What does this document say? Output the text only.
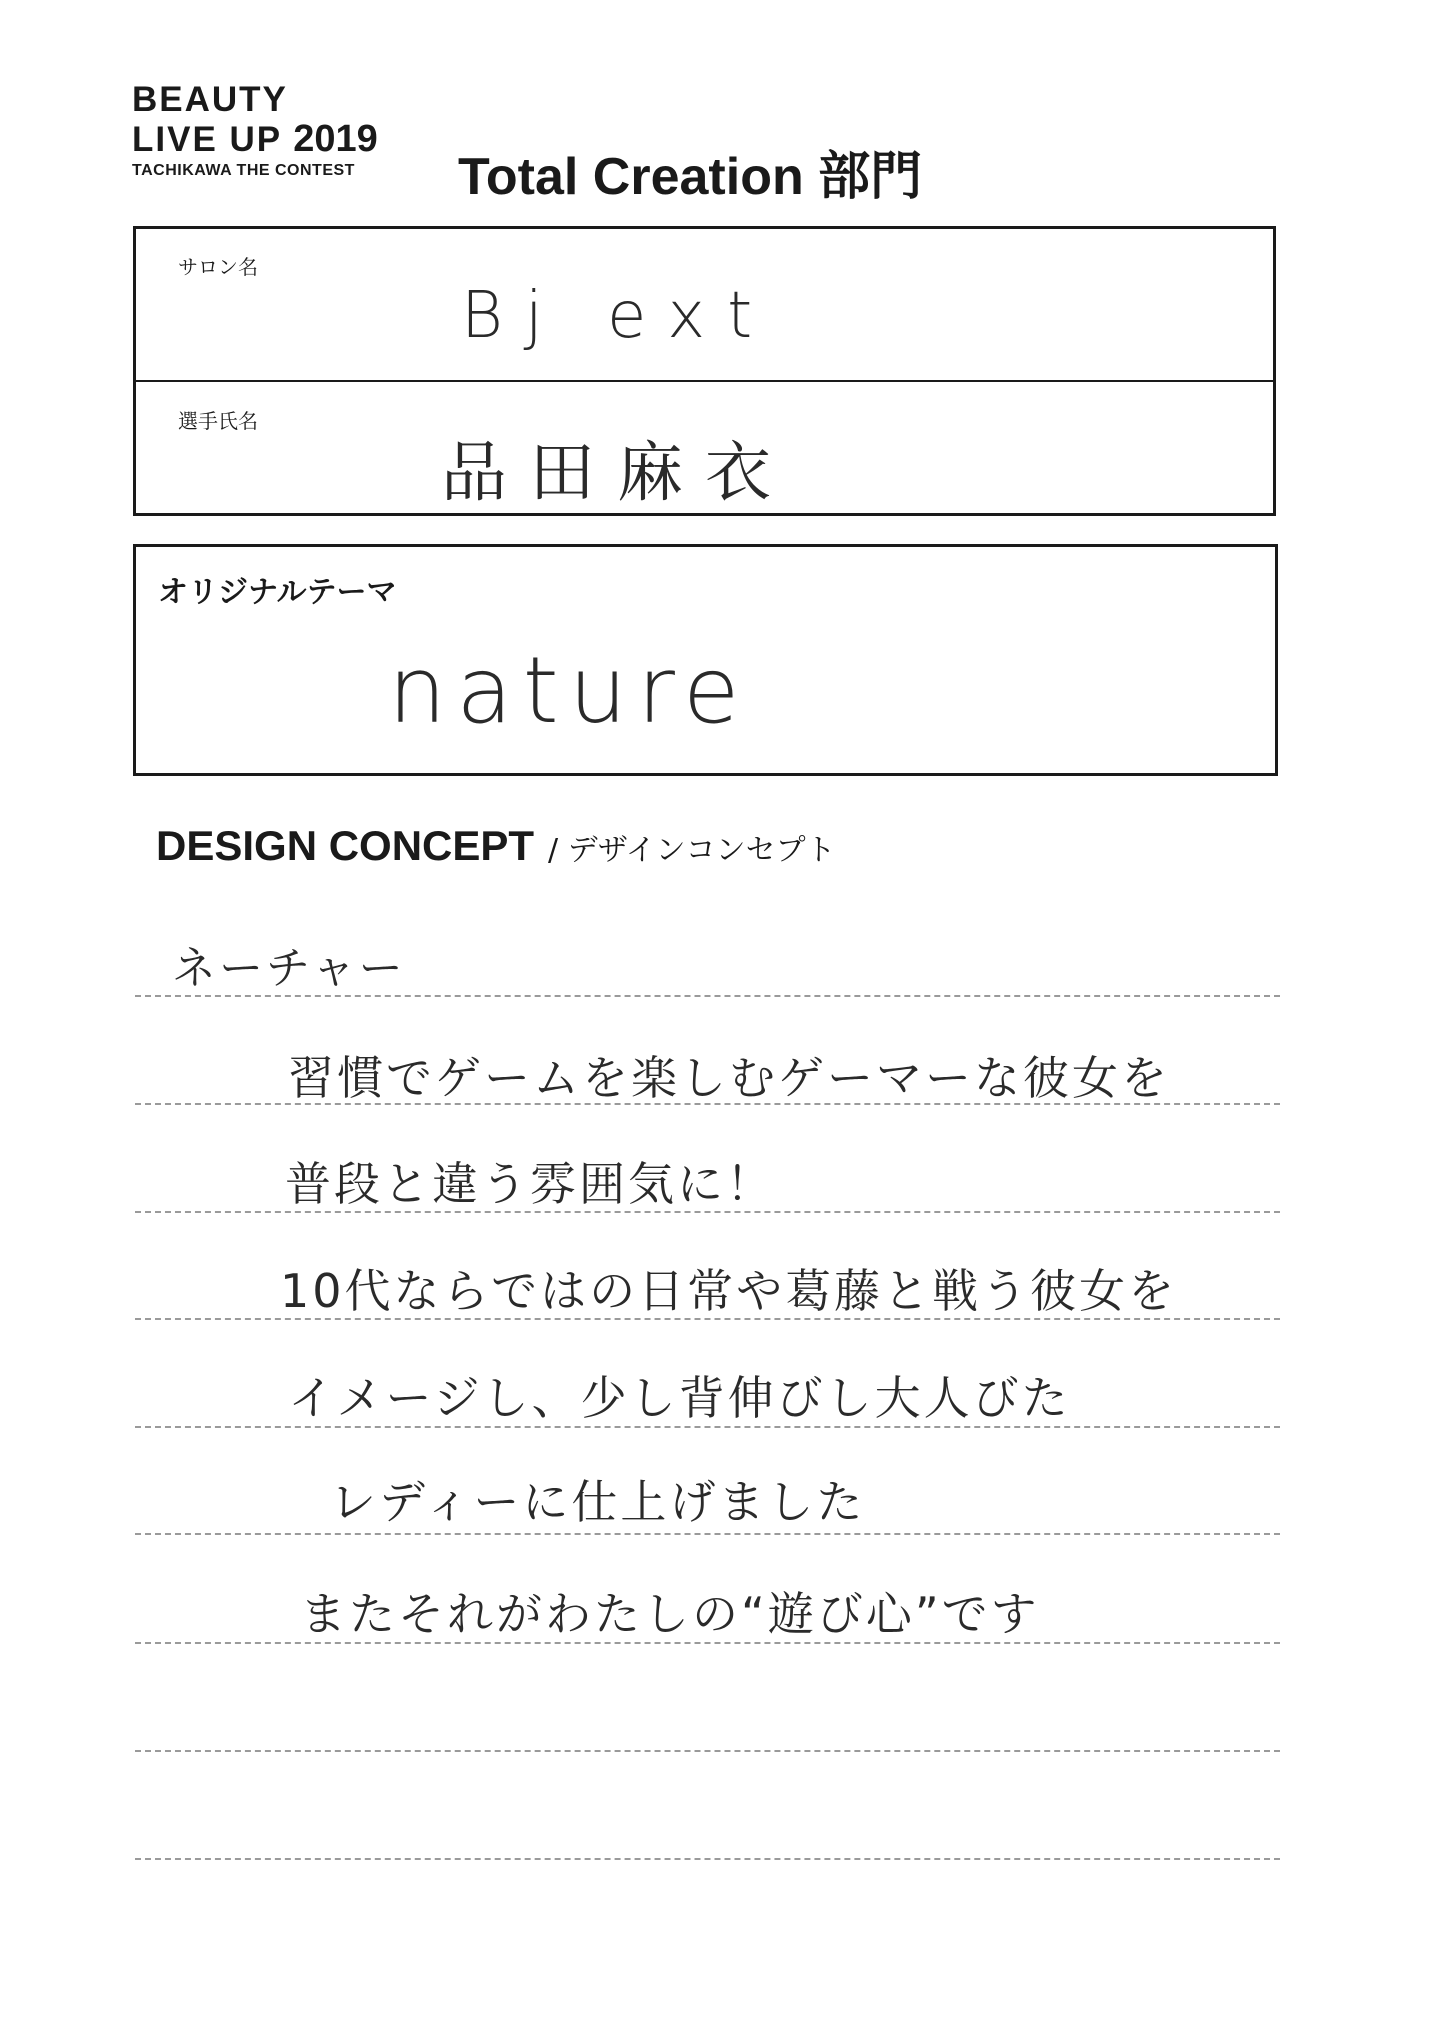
BEAUTY
LIVE UP 2019
TACHIKAWA THE CONTEST	Total Creation 部門
サロン名
Bj ext
選手氏名
品田麻衣
オリジナルテーマ
nature
DESIGN CONCEPT / デザインコンセプト
ネーチャー
習慣でゲームを楽しむゲーマーな彼女を
普段と違う雰囲気に！
10代ならではの日常や葛藤と戦う彼女を
イメージし、少し背伸びし大人びた
レディーに仕上げました
またそれがわたしの“遊び心”です
